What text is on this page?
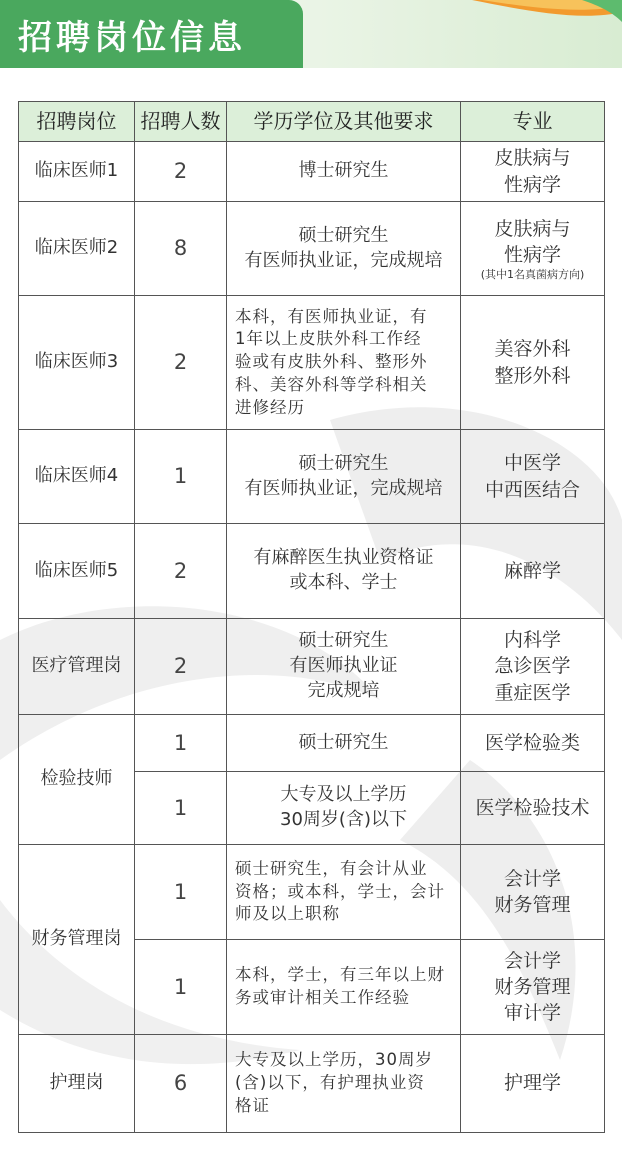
招聘岗位信息
招聘岗位	招聘人数	学历学位及其他要求	专业
临床医师1	2	博士研究生	皮肤病与
性病学

临床医师2	8	硕士研究生
有医师执业证，完成规培	皮肤病与
性病学
(其中1名真菌病方向)

临床医师3	2	本科，有医师执业证，有
1年以上皮肤外科工作经
验或有皮肤外科、整形外
科、美容外科等学科相关
进修经历	美容外科
整形外科

临床医师4	1	硕士研究生
有医师执业证，完成规培	中医学
中西医结合

临床医师5	2	有麻醉医生执业资格证
或本科、学士	麻醉学

医疗管理岗	2	硕士研究生
有医师执业证
完成规培	内科学
急诊医学
重症医学

检验技师	1	硕士研究生	医学检验类

	1	大专及以上学历
30周岁(含)以下	医学检验技术

财务管理岗	1	硕士研究生，有会计从业
资格；或本科，学士，会计
师及以上职称	会计学
财务管理

	1	本科，学士，有三年以上财
务或审计相关工作经验	会计学
财务管理
审计学

护理岗	6	大专及以上学历，30周岁
(含)以下，有护理执业资
格证	护理学
